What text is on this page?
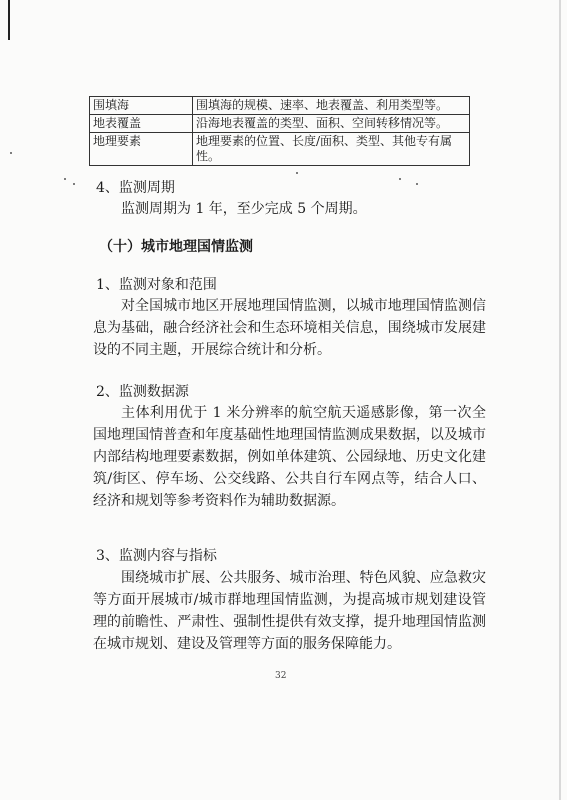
围填海	围填海的规模、速率、地表覆盖、利用类型等。
地表覆盖	沿海地表覆盖的类型、面积、空间转移情况等。
地理要素	地理要素的位置、长度/面积、类型、其他专有属性。
4、监测周期
监测周期为 1 年，至少完成 5 个周期。
（十）城市地理国情监测
1、监测对象和范围
对全国城市地区开展地理国情监测，以城市地理国情监测信息为基础，融合经济社会和生态环境相关信息，围绕城市发展建设的不同主题，开展综合统计和分析。
2、监测数据源
主体利用优于 1 米分辨率的航空航天遥感影像，第一次全国地理国情普查和年度基础性地理国情监测成果数据，以及城市内部结构地理要素数据，例如单体建筑、公园绿地、历史文化建筑/街区、停车场、公交线路、公共自行车网点等，结合人口、经济和规划等参考资料作为辅助数据源。
3、监测内容与指标
围绕城市扩展、公共服务、城市治理、特色风貌、应急救灾等方面开展城市/城市群地理国情监测，为提高城市规划建设管理的前瞻性、严肃性、强制性提供有效支撑，提升地理国情监测在城市规划、建设及管理等方面的服务保障能力。
32
